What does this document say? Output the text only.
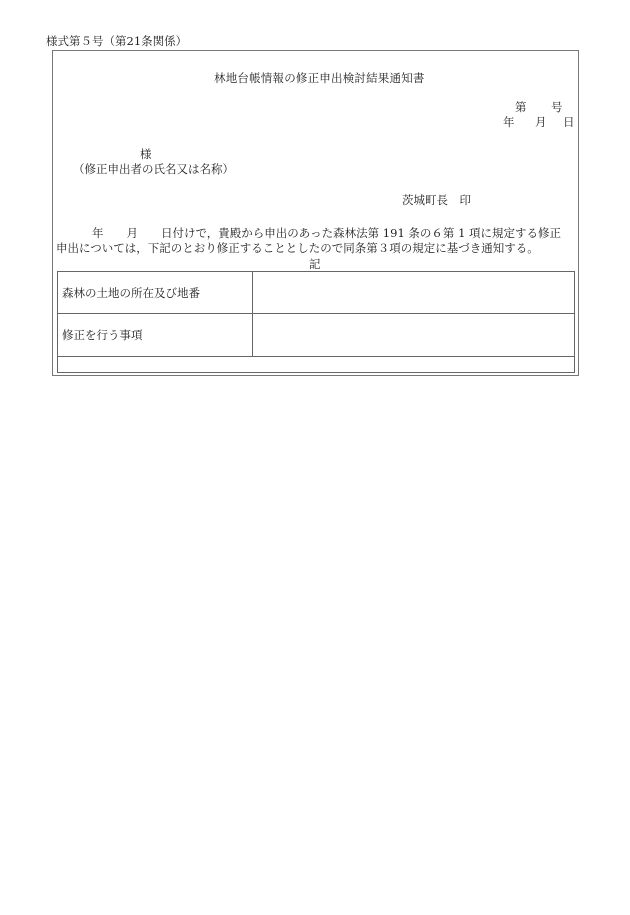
様式第５号（第21条関係）
林地台帳情報の修正申出検討結果通知書
第 号
年 月 日
様
（修正申出者の氏名又は名称）
茨城町長　印
年　　月　　日付けで，貴殿から申出のあった森林法第 191 条の６第 1 項に規定する修正
申出については，下記のとおり修正することとしたので同条第３項の規定に基づき通知する。
記
森林の土地の所在及び地番	
修正を行う事項	
